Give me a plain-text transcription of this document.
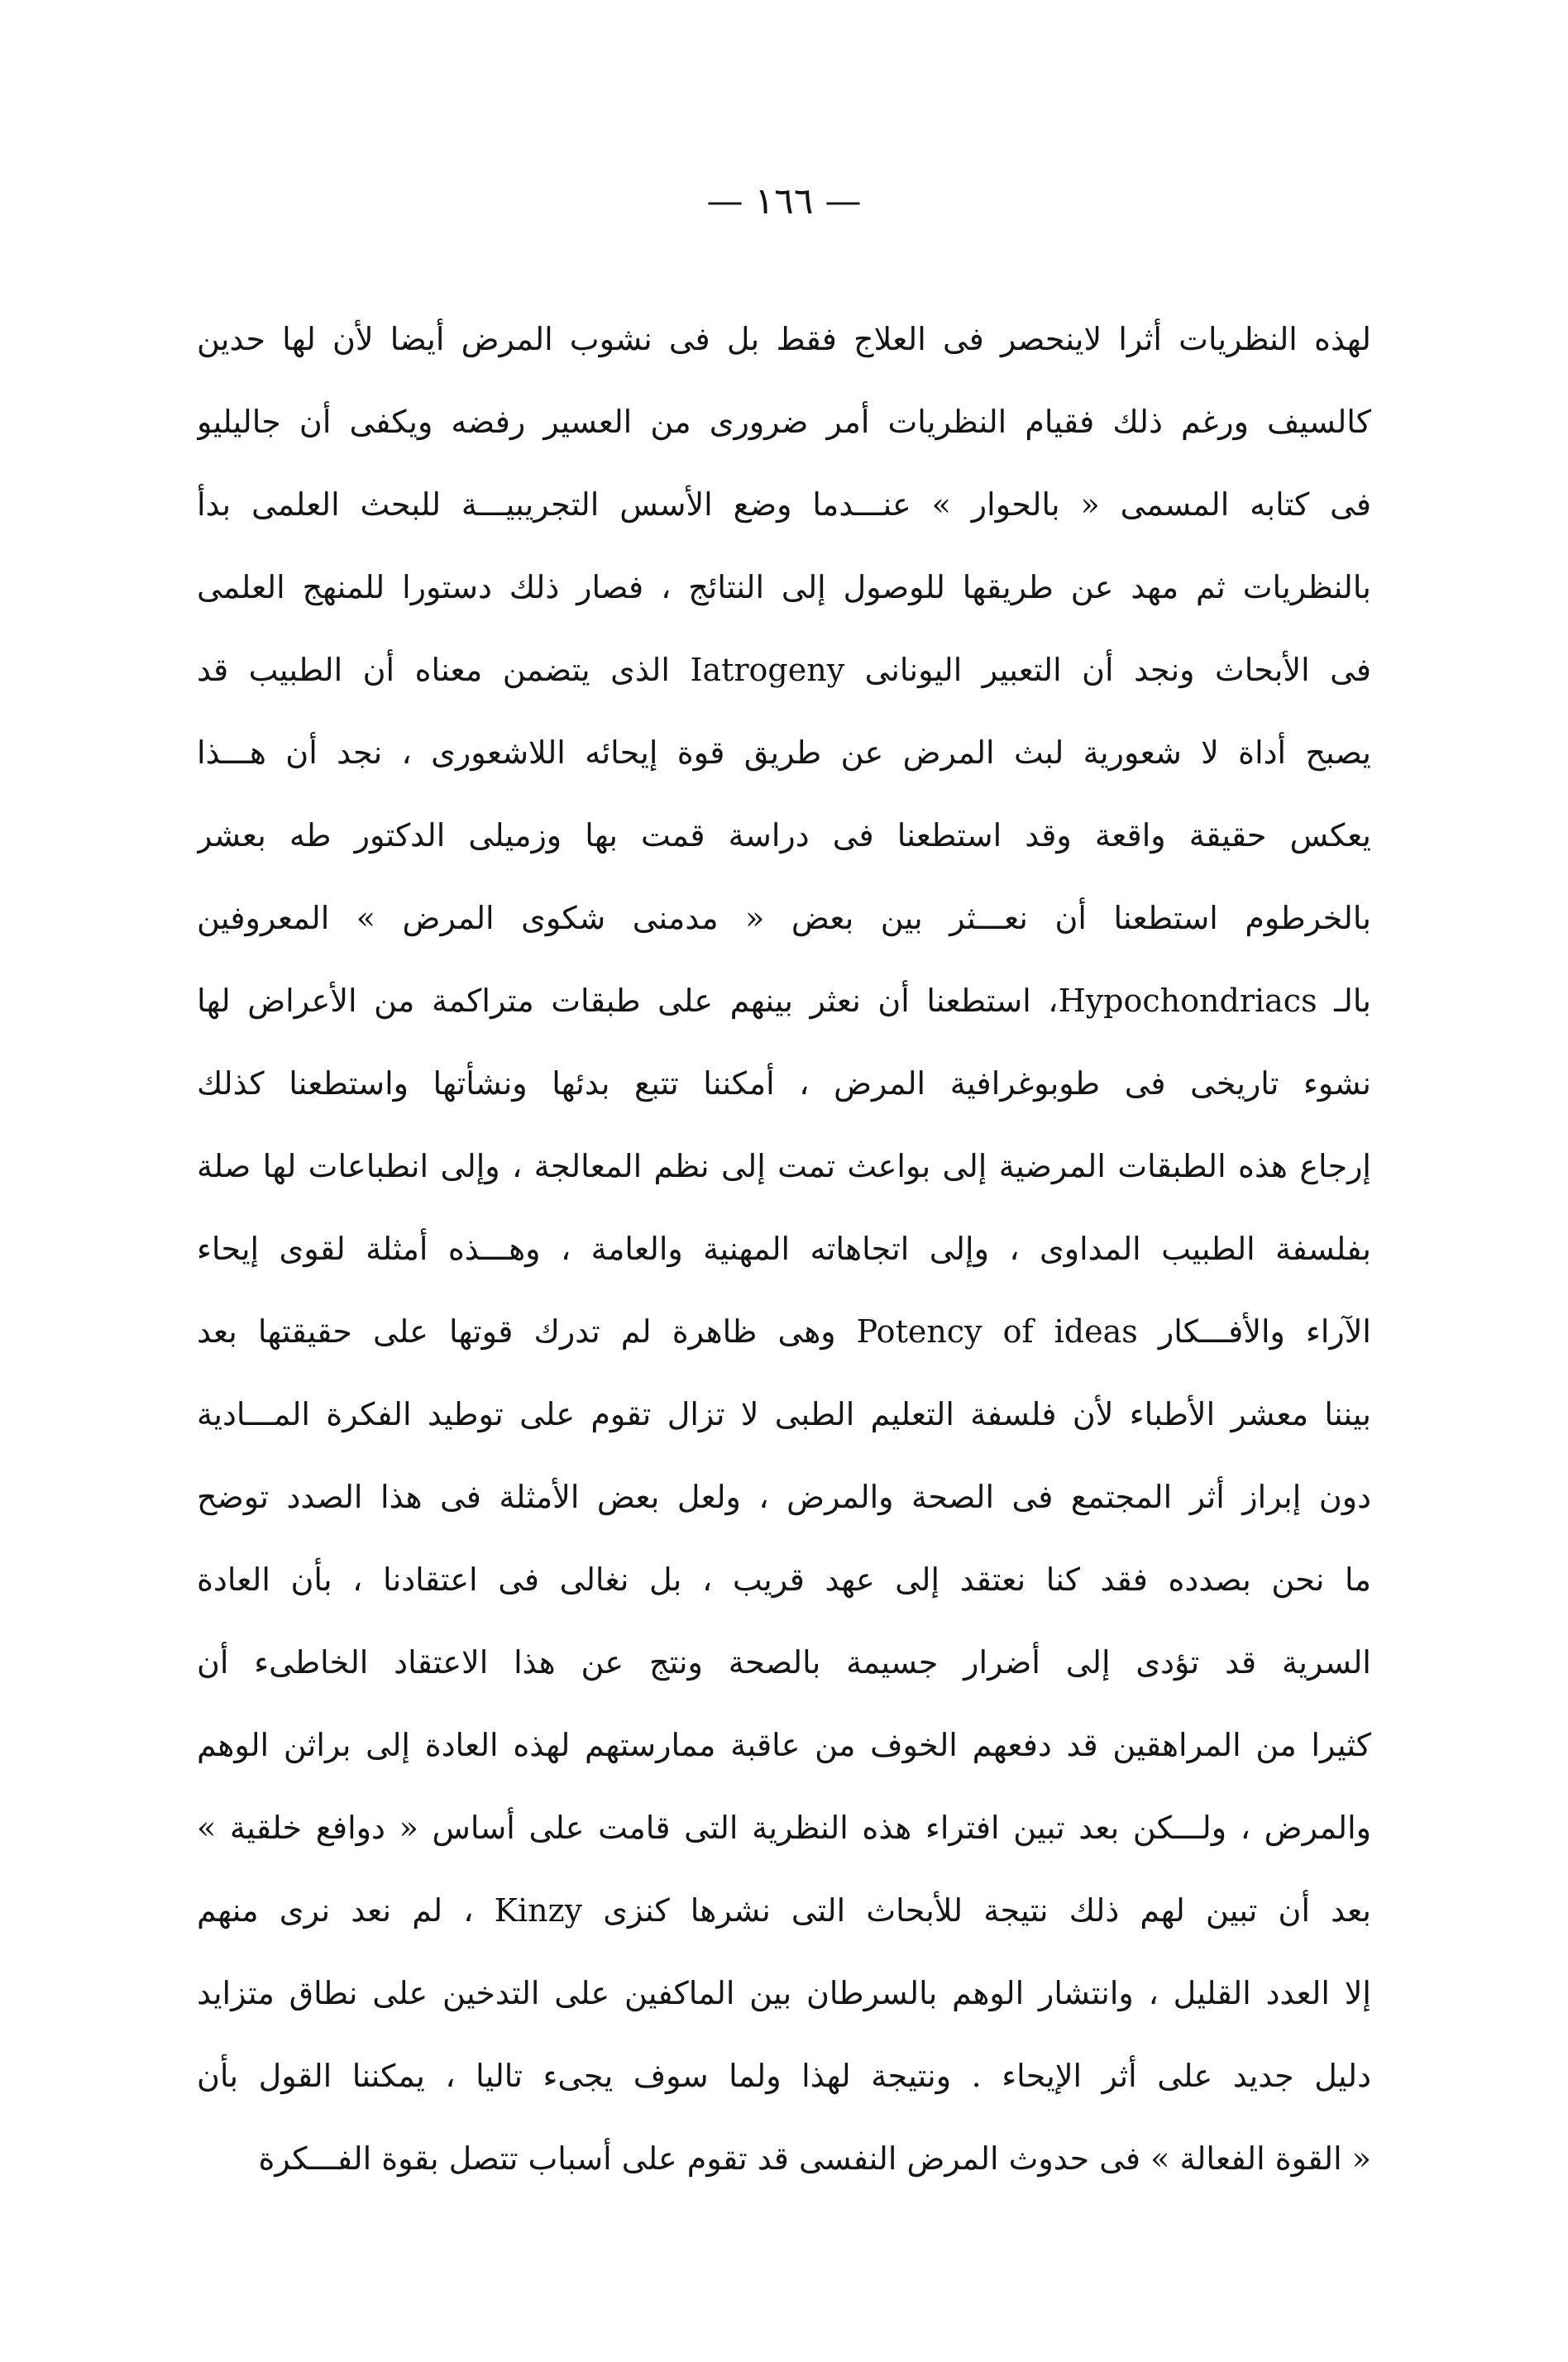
— ١٦٦ —
لهذه النظريات أثرا لاينحصر فى العلاج فقط بل فى نشوب المرض أيضا لأن لها حدين
كالسيف ورغم ذلك فقيام النظريات أمر ضرورى من العسير رفضه ويكفى أن جاليليو
فى كتابه المسمى « بالحوار » عنـــدما وضع الأسس التجريبيـــة للبحث العلمى بدأ
بالنظريات ثم مهد عن طريقها للوصول إلى النتائج ، فصار ذلك دستورا للمنهج العلمى
فى الأبحاث ونجد أن التعبير اليونانى Iatrogeny الذى يتضمن معناه أن الطبيب قد
يصبح أداة لا شعورية لبث المرض عن طريق قوة إيحائه اللاشعورى ، نجد أن هـــذا
يعكس حقيقة واقعة وقد استطعنا فى دراسة قمت بها وزميلى الدكتور طه بعشر
بالخرطوم استطعنا أن نعـــثر بين بعض « مدمنى شكوى المرض » المعروفين
بالـ Hypochondriacs، استطعنا أن نعثر بينهم على طبقات متراكمة من الأعراض لها
نشوء تاريخى فى طوبوغرافية المرض ، أمكننا تتبع بدئها ونشأتها واستطعنا كذلك
إرجاع هذه الطبقات المرضية إلى بواعث تمت إلى نظم المعالجة ، وإلى انطباعات لها صلة
بفلسفة الطبيب المداوى ، وإلى اتجاهاته المهنية والعامة ، وهـــذه أمثلة لقوى إيحاء
الآراء والأفـــكار Potency of ideas وهى ظاهرة لم تدرك قوتها على حقيقتها بعد
بيننا معشر الأطباء لأن فلسفة التعليم الطبى لا تزال تقوم على توطيد الفكرة المـــادية
دون إبراز أثر المجتمع فى الصحة والمرض ، ولعل بعض الأمثلة فى هذا الصدد توضح
ما نحن بصدده فقد كنا نعتقد إلى عهد قريب ، بل نغالى فى اعتقادنا ، بأن العادة
السرية قد تؤدى إلى أضرار جسيمة بالصحة ونتج عن هذا الاعتقاد الخاطىء أن
كثيرا من المراهقين قد دفعهم الخوف من عاقبة ممارستهم لهذه العادة إلى براثن الوهم
والمرض ، ولـــكن بعد تبين افتراء هذه النظرية التى قامت على أساس « دوافع خلقية »
بعد أن تبين لهم ذلك نتيجة للأبحاث التى نشرها كنزى Kinzy ، لم نعد نرى منهم
إلا العدد القليل ، وانتشار الوهم بالسرطان بين الماكفين على التدخين على نطاق متزايد
دليل جديد على أثر الإيحاء . ونتيجة لهذا ولما سوف يجىء تاليا ، يمكننا القول بأن
« القوة الفعالة » فى حدوث المرض النفسى قد تقوم على أسباب تتصل بقوة الفـــكرة
